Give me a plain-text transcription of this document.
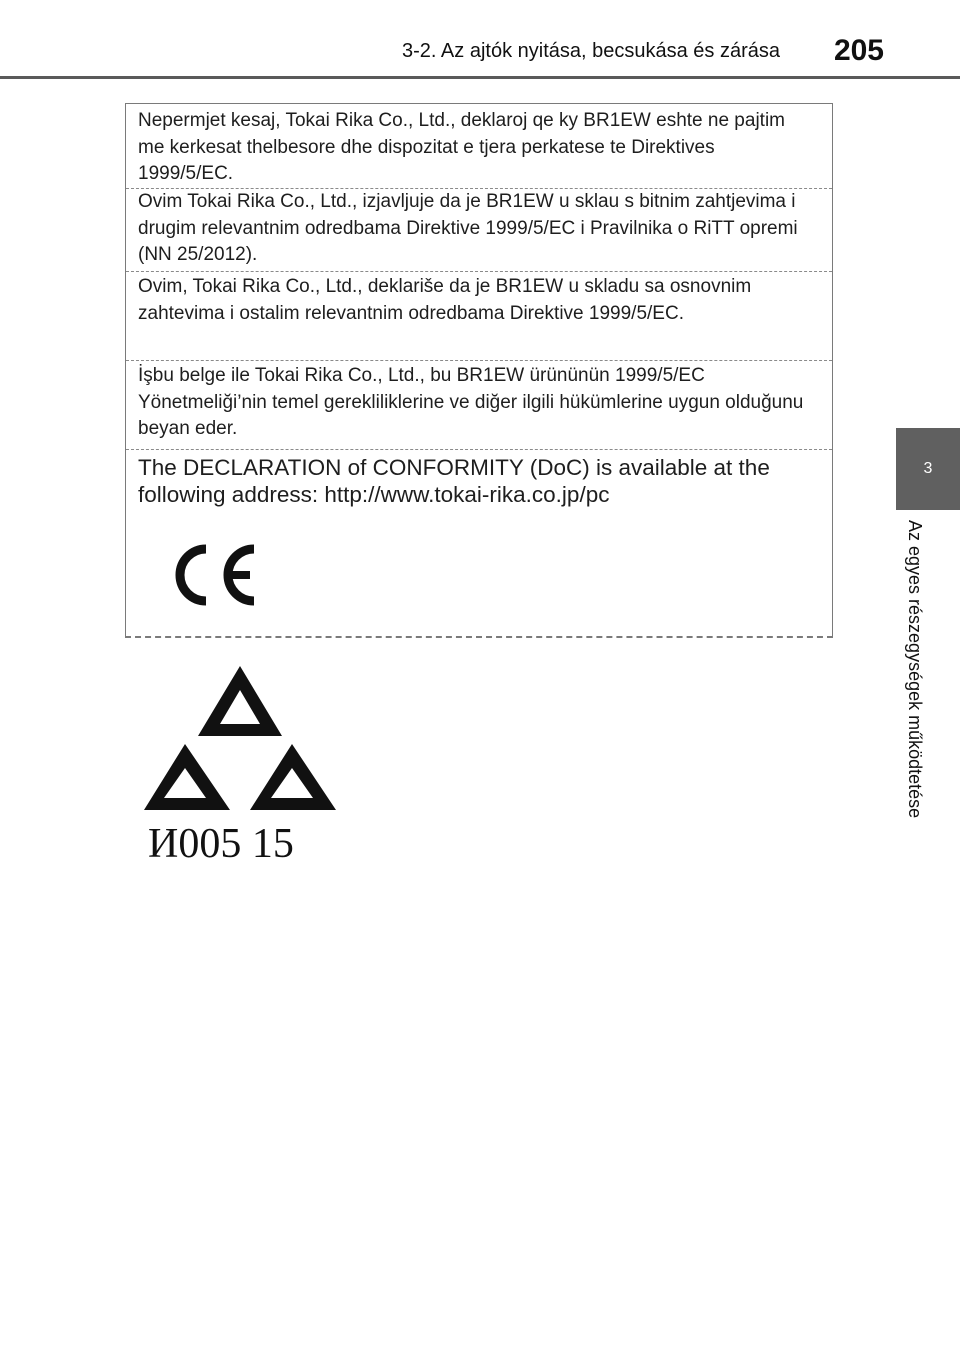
3-2. Az ajtók nyitása, becsukása és zárása 205
3
Az egyes részegységek működtetése
Nepermjet kesaj, Tokai Rika Co., Ltd., deklaroj qe ky BR1EW eshte ne pajtim me kerkesat thelbesore dhe dispozitat e tjera perkatese te Direktives 1999/5/EC.
Ovim Tokai Rika Co., Ltd., izjavljuje da je BR1EW u sklau s bitnim zahtjevima i drugim relevantnim odredbama Direktive 1999/5/EC i Pravilnika o RiTT opremi (NN 25/2012).
Ovim, Tokai Rika Co., Ltd., deklariše da je BR1EW u skladu sa osnovnim zahtevima i ostalim relevantnim odredbama Direktive 1999/5/EC.
İşbu belge ile Tokai Rika Co., Ltd., bu BR1EW ürününün 1999/5/EC Yönetmeliği’nin temel gerekliliklerine ve diğer ilgili hükümlerine uygun olduğunu beyan eder.
The DECLARATION of CONFORMITY (DoC) is available at the following address: http://www.tokai-rika.co.jp/pc
И005 15
